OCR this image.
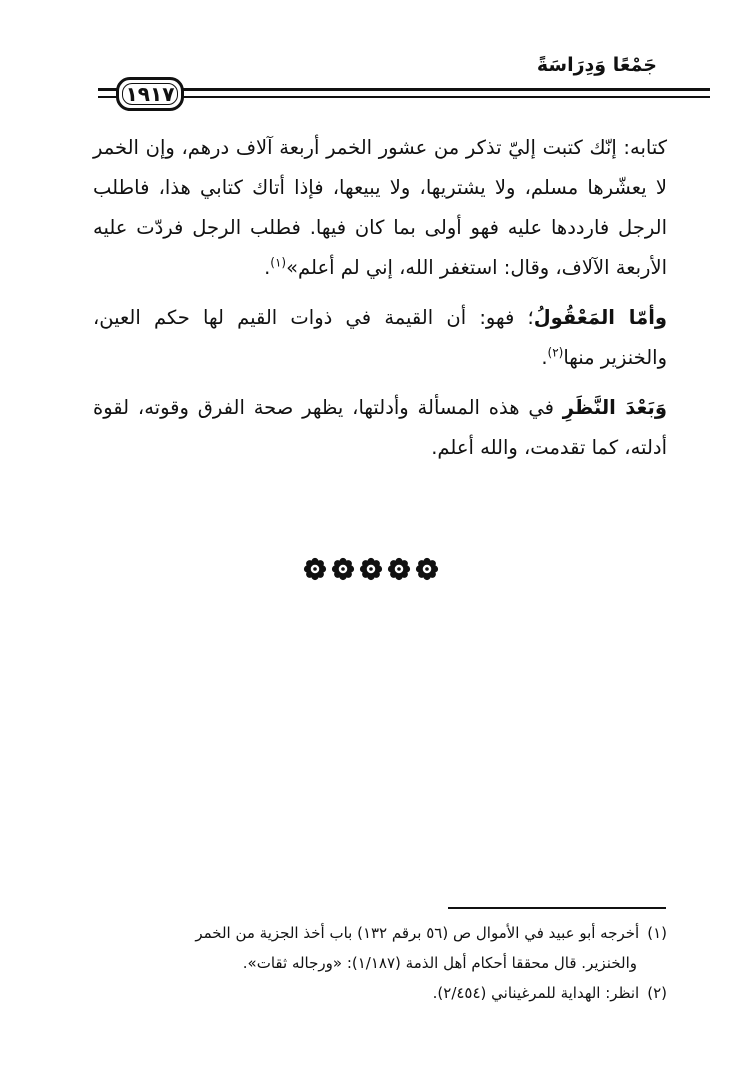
جَمْعًا وَدِرَاسَةً
١٩١٧

كتابه: إنّك كتبت إليّ تذكر من عشور الخمر أربعة آلاف درهم، وإن الخمر لا يعشّرها مسلم، ولا يشتريها، ولا يبيعها، فإذا أتاك كتابي هذا، فاطلب الرجل فارددها عليه فهو أولى بما كان فيها. فطلب الرجل فردّت عليه الأربعة الآلاف، وقال: استغفر الله، إني لم أعلم»$^{(١)}$.

وأمّا المَعْقُولُ؛ فهو: أن القيمة في ذوات القيم لها حكم العين، والخنزير منها$^{(٢)}$.

وَبَعْدَ النَّظَرِ في هذه المسألة وأدلتها، يظهر صحة الفرق وقوته، لقوة أدلته، كما تقدمت، والله أعلم.

(١)أخرجه أبو عبيد في الأموال ص (٥٦ برقم ١٣٢) باب أخذ الجزية من الخمر

والخنزير. قال محققا أحكام أهل الذمة (١/١٨٧): «ورجاله ثقات».

(٢)انظر: الهداية للمرغيناني (٢/٤٥٤).
